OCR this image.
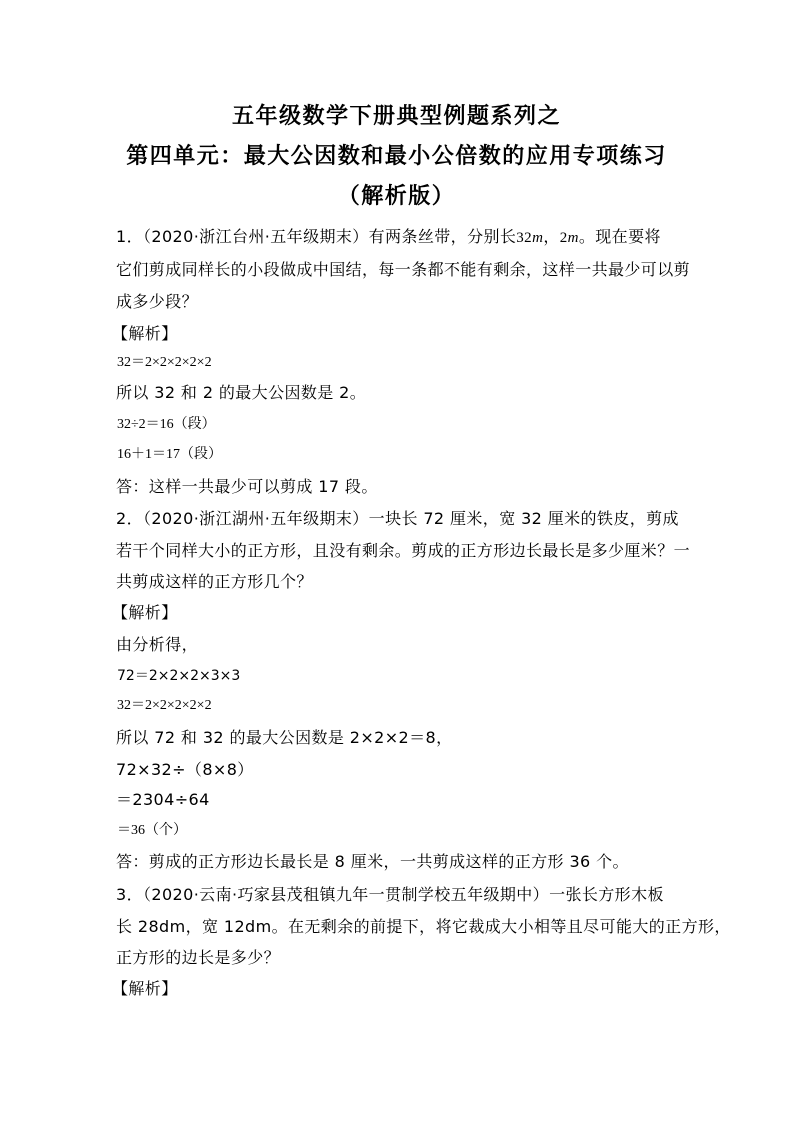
五年级数学下册典型例题系列之
第四单元：最大公因数和最小公倍数的应用专项练习
（解析版）
1．（2020·浙江台州·五年级期末）有两条丝带，分别长32m，2m。现在要将
它们剪成同样长的小段做成中国结，每一条都不能有剩余，这样一共最少可以剪
成多少段？
【解析】
32＝2×2×2×2×2
所以 32 和 2 的最大公因数是 2。
32÷2＝16（段）
16＋1＝17（段）
答：这样一共最少可以剪成 17 段。
2．（2020·浙江湖州·五年级期末）一块长 72 厘米，宽 32 厘米的铁皮，剪成
若干个同样大小的正方形，且没有剩余。剪成的正方形边长最长是多少厘米？一
共剪成这样的正方形几个？
【解析】
由分析得，
72＝2×2×2×3×3
32＝2×2×2×2×2
所以 72 和 32 的最大公因数是 2×2×2＝8，
72×32÷（8×8）
＝2304÷64
＝36（个）
答：剪成的正方形边长最长是 8 厘米，一共剪成这样的正方形 36 个。
3．（2020·云南·巧家县茂租镇九年一贯制学校五年级期中）一张长方形木板
长 28dm，宽 12dm。在无剩余的前提下，将它裁成大小相等且尽可能大的正方形，
正方形的边长是多少？
【解析】
